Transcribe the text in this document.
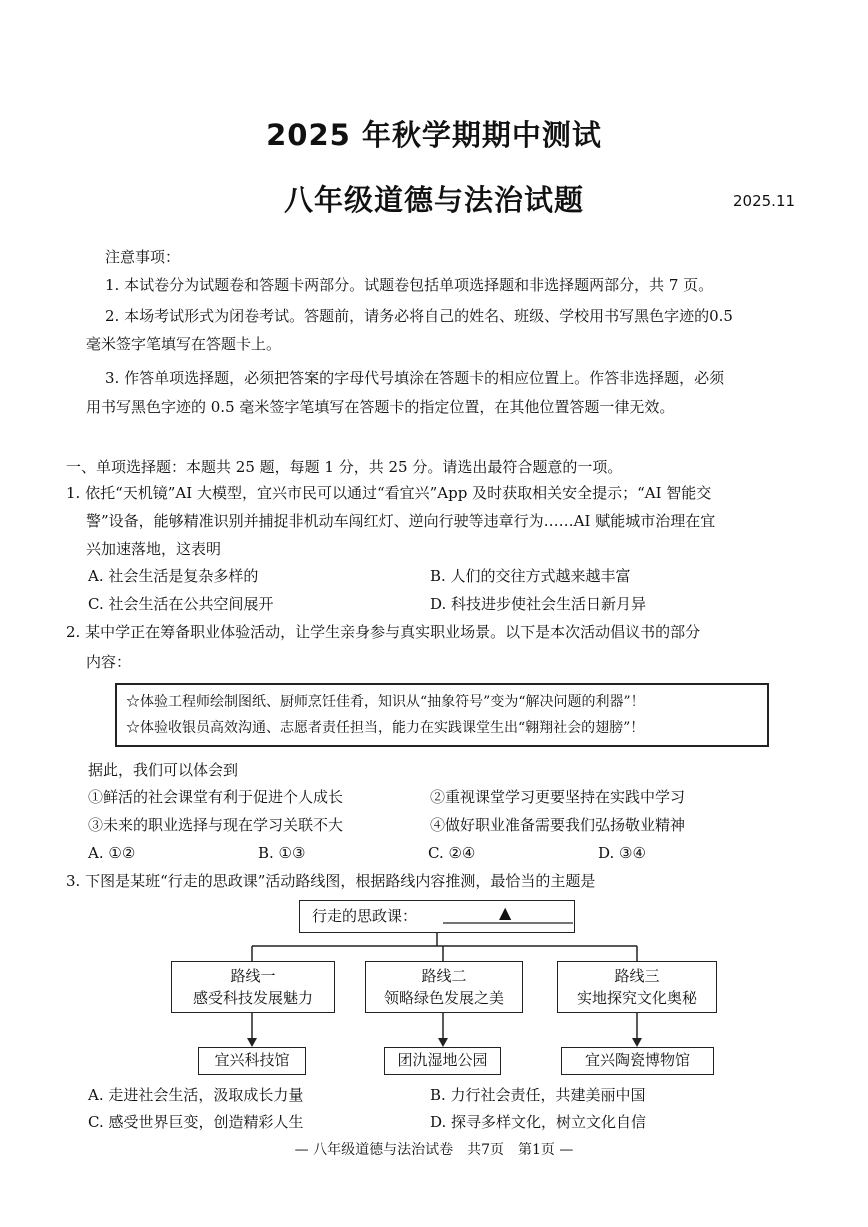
2025 年秋学期期中测试
八年级道德与法治试题	2025.11
注意事项：
1. 本试卷分为试题卷和答题卡两部分。试题卷包括单项选择题和非选择题两部分，共 7 页。
2. 本场考试形式为闭卷考试。答题前，请务必将自己的姓名、班级、学校用书写黑色字迹的0.5
毫米签字笔填写在答题卡上。
3. 作答单项选择题，必须把答案的字母代号填涂在答题卡的相应位置上。作答非选择题，必须
用书写黑色字迹的 0.5 毫米签字笔填写在答题卡的指定位置，在其他位置答题一律无效。
一、单项选择题：本题共 25 题，每题 1 分，共 25 分。请选出最符合题意的一项。
1. 依托“天机镜”AI 大模型，宜兴市民可以通过“看宜兴”App 及时获取相关安全提示；“AI 智能交
警”设备，能够精准识别并捕捉非机动车闯红灯、逆向行驶等违章行为……AI 赋能城市治理在宜
兴加速落地，这表明
A. 社会生活是复杂多样的	B. 人们的交往方式越来越丰富
C. 社会生活在公共空间展开	D. 科技进步使社会生活日新月异
2. 某中学正在筹备职业体验活动，让学生亲身参与真实职业场景。以下是本次活动倡议书的部分
内容：
☆体验工程师绘制图纸、厨师烹饪佳肴，知识从“抽象符号”变为“解决问题的利器”！
☆体验收银员高效沟通、志愿者责任担当，能力在实践课堂生出“翱翔社会的翅膀”！
据此，我们可以体会到
①鲜活的社会课堂有利于促进个人成长	②重视课堂学习更要坚持在实践中学习
③未来的职业选择与现在学习关联不大	④做好职业准备需要我们弘扬敬业精神
A. ①②	B. ①③	C. ②④	D. ③④
3. 下图是某班“行走的思政课”活动路线图，根据路线内容推测，最恰当的主题是
行走的思政课：	▲
路线一
感受科技发展魅力
路线二
领略绿色发展之美
路线三
实地探究文化奥秘
宜兴科技馆	团氿湿地公园	宜兴陶瓷博物馆
A. 走进社会生活，汲取成长力量	B. 力行社会责任，共建美丽中国
C. 感受世界巨变，创造精彩人生	D. 探寻多样文化，树立文化自信
— 八年级道德与法治试卷　共7页　第1页 —
